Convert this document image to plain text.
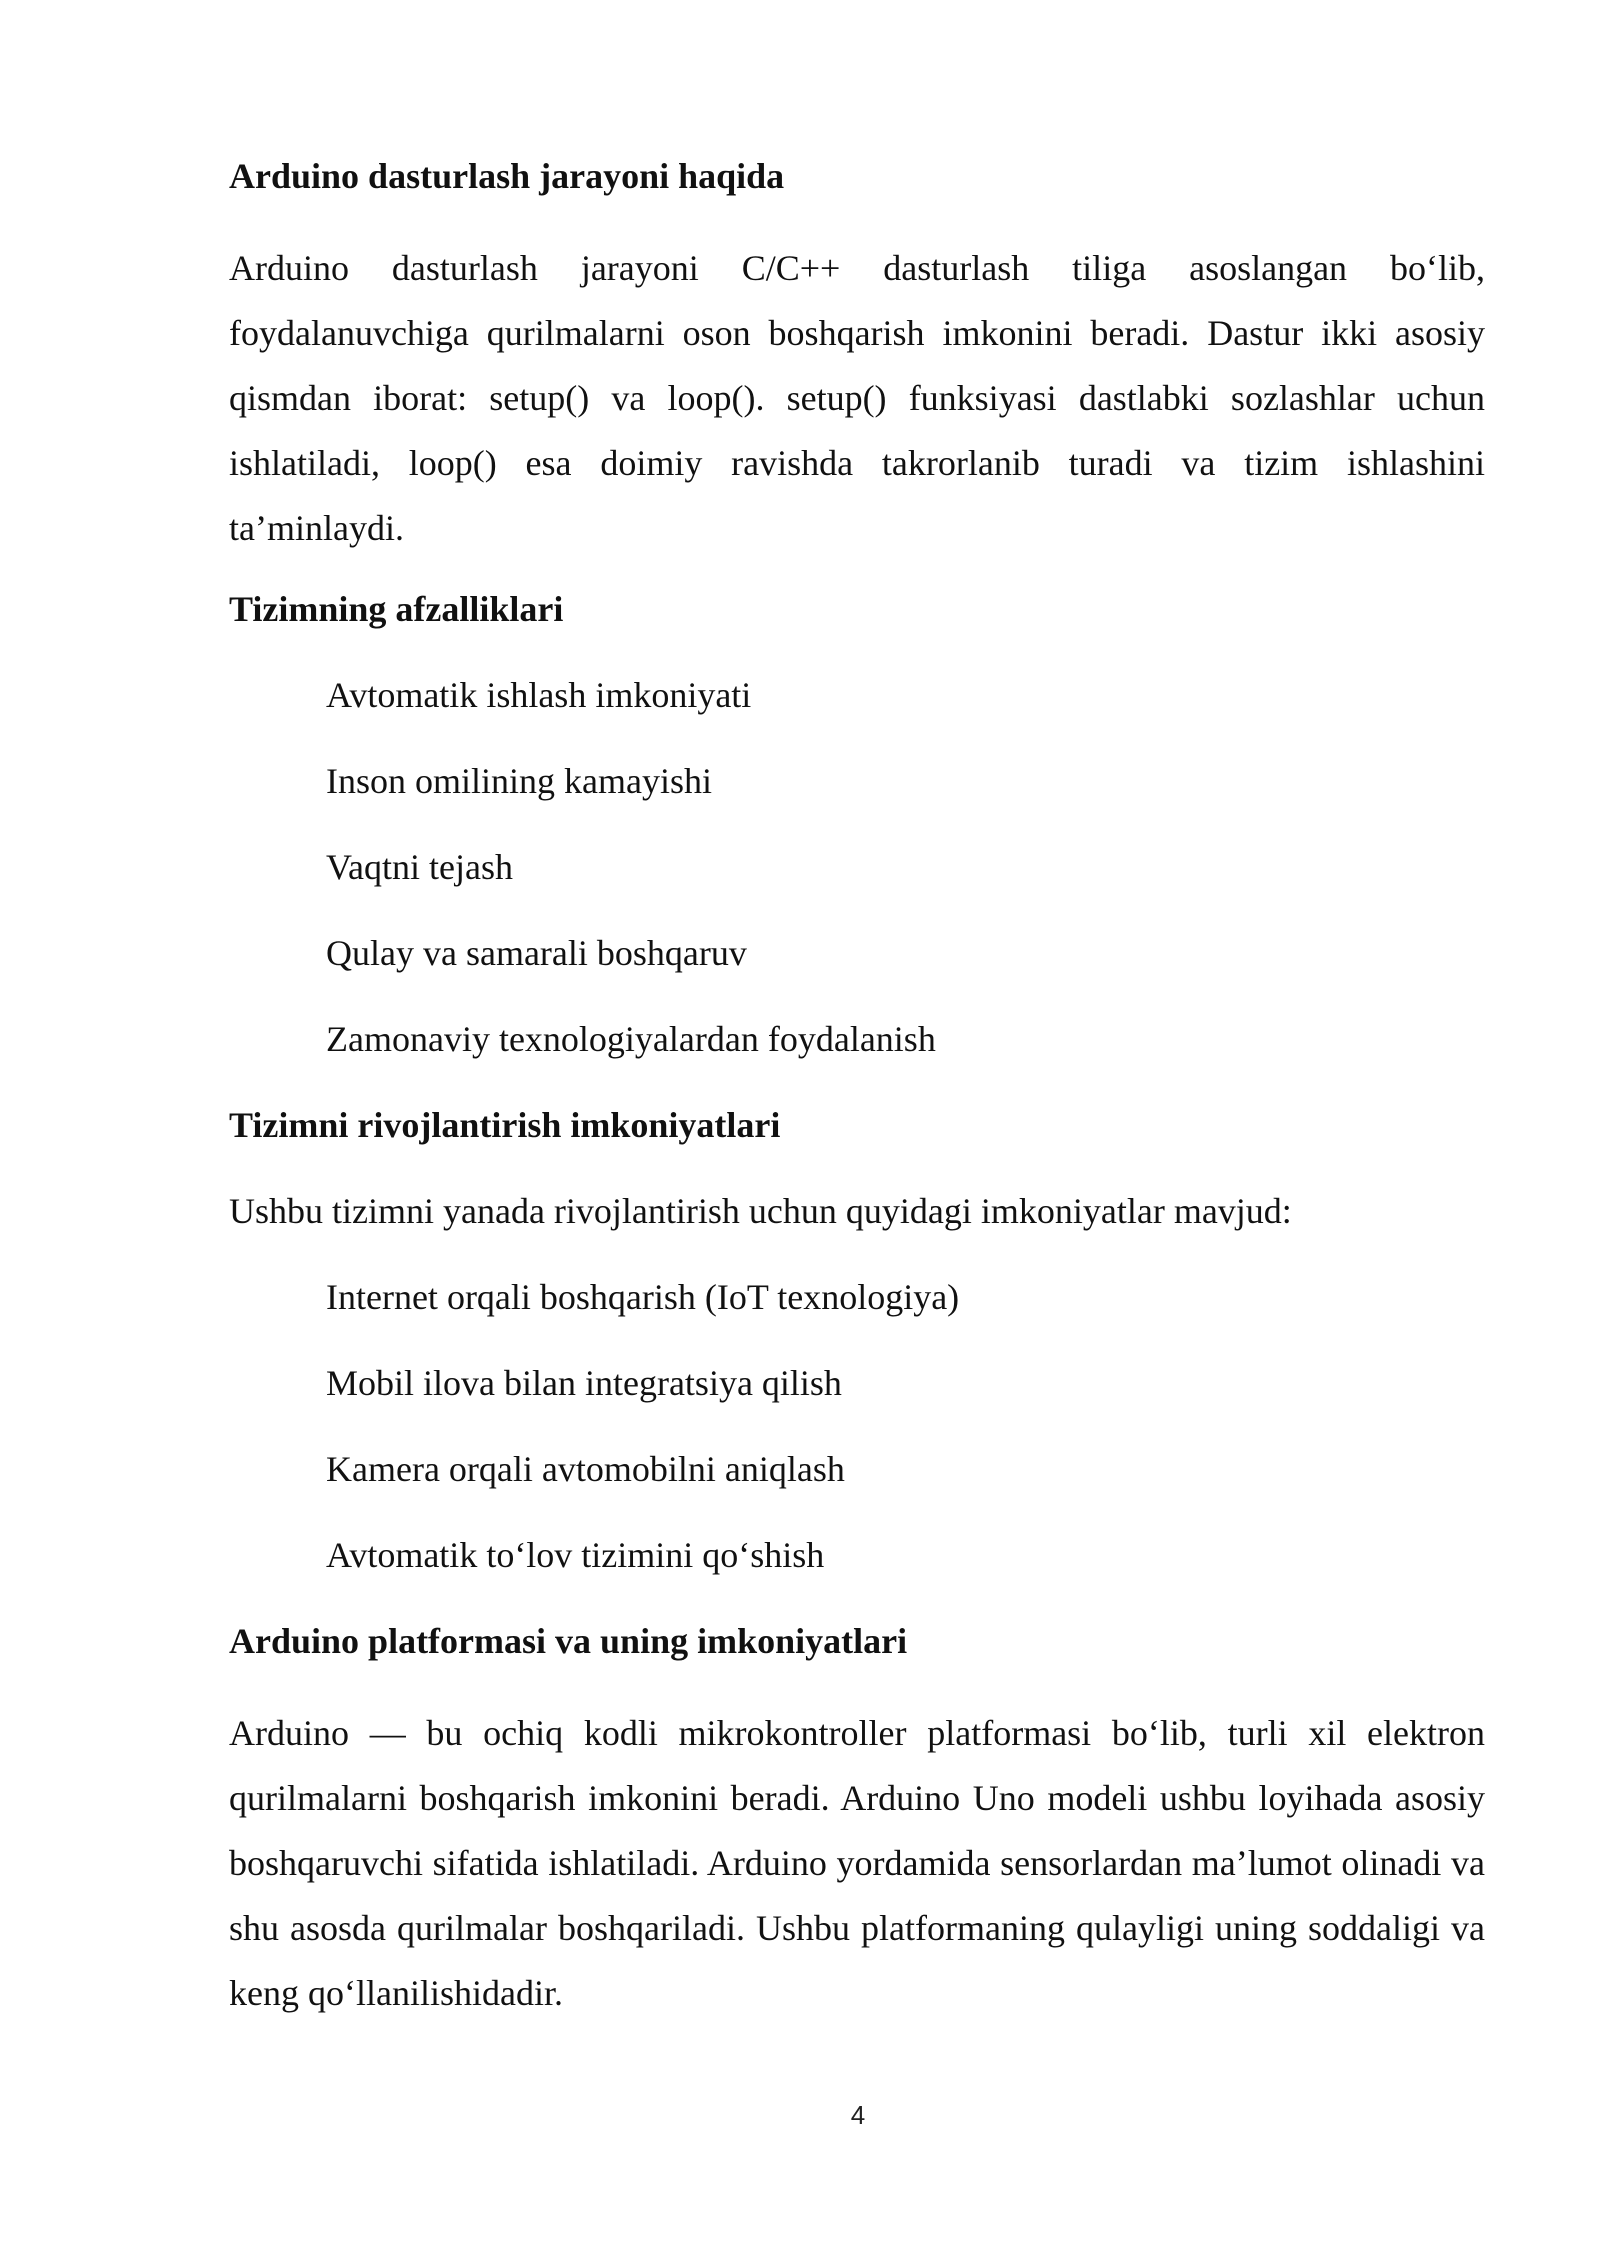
Arduino dasturlash jarayoni haqida

Arduino dasturlash jarayoni C/C++ dasturlash tiliga asoslangan bo‘lib, foydalanuvchiga qurilmalarni oson boshqarish imkonini beradi. Dastur ikki asosiy qismdan iborat: setup() va loop(). setup() funksiyasi dastlabki sozlashlar uchun ishlatiladi, loop() esa doimiy ravishda takrorlanib turadi va tizim ishlashini ta’minlaydi.

Tizimning afzalliklari
Avtomatik ishlash imkoniyati
Inson omilining kamayishi
Vaqtni tejash
Qulay va samarali boshqaruv
Zamonaviy texnologiyalardan foydalanish
Tizimni rivojlantirish imkoniyatlari

Ushbu tizimni yanada rivojlantirish uchun quyidagi imkoniyatlar mavjud:

Internet orqali boshqarish (IoT texnologiya)
Mobil ilova bilan integratsiya qilish
Kamera orqali avtomobilni aniqlash
Avtomatik to‘lov tizimini qo‘shish
Arduino platformasi va uning imkoniyatlari

Arduino — bu ochiq kodli mikrokontroller platformasi bo‘lib, turli xil elektron qurilmalarni boshqarish imkonini beradi. Arduino Uno modeli ushbu loyihada asosiy boshqaruvchi sifatida ishlatiladi. Arduino yordamida sensorlardan ma’lumot olinadi va shu asosda qurilmalar boshqariladi. Ushbu platformaning qulayligi uning soddaligi va keng qo‘llanilishidadir.

4
